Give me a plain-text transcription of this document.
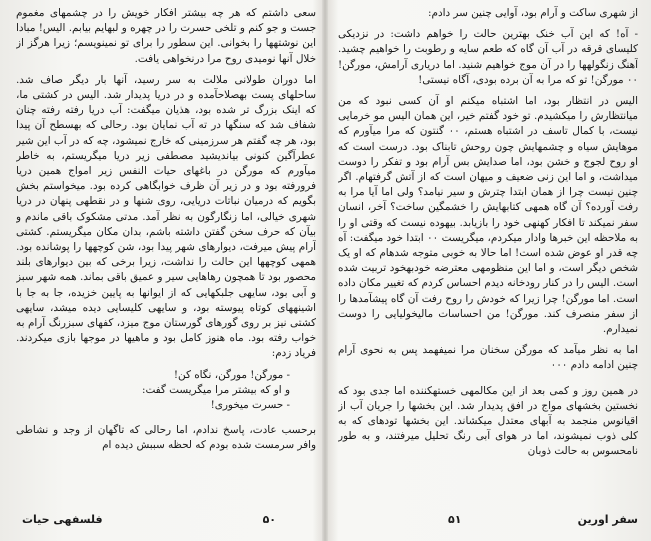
از شهری ساکت و آرام بود، آوایی چنین سر دادم:

- آه! که این آب خنک بهترین حالت را خواهم داشت: در نزدیکی کلیسای قرقه در آب آن گاه که طعم سایه و رطوبت را خواهیم چشید. آهنگ زنگولهها را در آن موج خواهیم شنید. اما دریاری آرامش، مورگن! ۰۰ مورگن! تو که مرا به آن برده بودی، آگاه نیستی!

الیس در انتظار بود، اما اشتباه میکنم او آن کسی نبود که من میانتظارش را میکشیدم. تو خود گفتم خیر، این همان الیس مو خرمایی نیست، با کمال تاسف در اشتباه هستم، ۰۰ گنتون که مرا میآورم که موهایش سیاه و چشمهایش چون روحش تابناک بود. درست است که او روح لجوج و خشن بود، اما صدایش بس آرام بود و تفکر را دوست میداشت، و اما این زنی ضعیف و میهان است که از آتش گرفتهام. اگر چنین نیست چرا از همان ابتدا چترش و سیر نیامد؟ ولی اما آیا مرا به رفت آورده؟ آن گاه همهی کتابهایش را خشمگین ساخت؟ آخر، انسان سفر نمیکند تا افکار کهنهی خود را بازیابد. بیهوده نیست که وقتی او را به ملاحظه این خبرها وادار میکردم، میگریست ۰۰ ابتدا خود میگفت: آه چه قدر او عوض شده است! اما حالا به خوبی متوجه شدهام که او یک شخص دیگر است، و اما این منظومهی معترضه خودبهخود تربیت شده است. الیس را در کنار رودخانه دیدم احساس کردم که تغییر مکان داده است. اما مورگن! چرا زیرا که خودش را روح رفت آن گاه پیشآمدها را از سفر منصرف کند. مورگن! من احساسات مالیخولیایی را دوست نمیدارم.

اما به نظر میآمد که مورگن سخنان مرا نمیفهمد پس به نحوی آرام چنین ادامه دادم ۰۰۰

در همین روز و کمی بعد از این مکالمهی خستهکننده اما جدی بود که نخستین بخشهای مواج در افق پدیدار شد. این بخشها را جریان آب از اقیانوس منجمد به آبهای معتدل میکشاند. این بخشها تودهای که به کلی ذوب نمیشوند، اما در هوای آبی رنگ تحلیل میرفتند، و به طور نامحسوس به حالت ذوبان

سفر اورین
۵۱

سعی داشتم که هر چه بیشتر افکار خویش را در چشمهای مغموم جست و جو کنم و تلخی حسرت را در چهره و لبهایم بیابم. الیس! مبادا این نوشتهها را بخوانی. این سطور را برای تو نمینویسم؛ زیرا هرگز از خلال آنها نومیدی روح مرا درنخواهی یافت.

اما دوران طولانی ملالت به سر رسید، آنها بار دیگر صاف شد. ساحلهای پست بهصلاحآمده و در دریا پدیدار شد. الیس در کشتی ما، که اینک بزرگ تر شده بود، هذیان میگفت: آب دریا رفته رفته چنان شفاف شد که سنگها در ته آب نمایان بود. رحالی که بهسطح آن پیدا بود، هر چه گفتم هر سرزمینی که خارج نمیشود، چه که در آب این شیر عطرآگین کنونی بیاندیشید مصطفی زیر دریا میگریستم، به خاطر میآورم که مورگن در باغهای حیات النفس زیر امواج همین دریا فرورفته بود و در زیر آن ظرف خوابگاهی کرده بود. میخواستم بخش بگویم که درمیان نباتات دریایی، روی شنها و در نقطهی پنهان در دریا شهری خیالی، اما زنگارگون به نظر آمد. مدتی مشکوک باقی ماندم و بیآن که حرف سخن گفتن داشته باشم، بدان مکان میگریستم. کشتی آرام پیش میرفت، دیوارهای شهر پیدا بود، شن کوچهها را پوشانده بود. همهی کوچهها این حالت را نداشت، زیرا برخی که بین دیوارهای بلند محصور بود تا همچون رهاهایی سیر و عمیق باقی بماند. همه شهر سبز و آبی بود، سایهی جلبکهایی که از ایوانها به پایین خزیده، جا به جا با اشینههای کوتاه پیوسته بود، و سایهی کلیسایی دیده میشد، سایهی کشتی نیز بر روی گورهای گورستان موج میزد، کفهای سبزرنگ آرام به خواب رفته بود. ماه هنوز کامل بود و ماهیها در موجها بازی میکردند. فریاد زدم:

- مورگن! مورگن، نگاه کن!

و او که بیشتر مرا میگریست گفت:

- حسرت میخوری!

برحسب عادت، پاسخ ندادم، اما رحالی که تاگهان از وجد و نشاطی وافر سرمست شده بودم که لحظه سببش دیده ام

فلسفهی حیات	۵۰
